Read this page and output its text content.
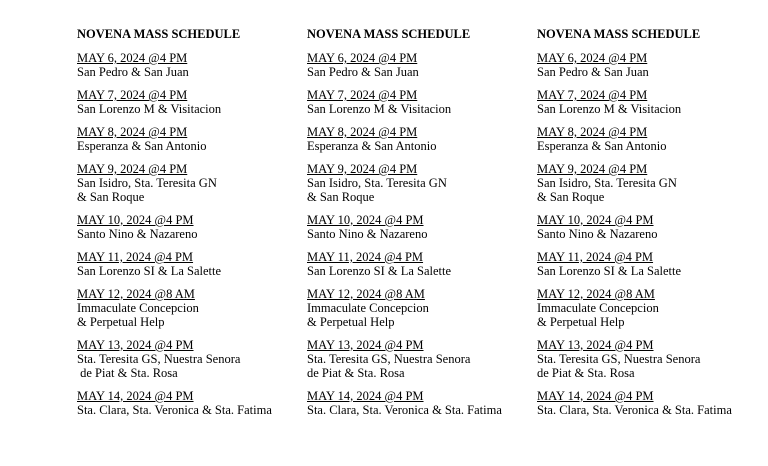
NOVENA MASS SCHEDULE
MAY 6, 2024 @4 PM
San Pedro & San Juan
MAY 7, 2024 @4 PM
San Lorenzo M & Visitacion
MAY 8, 2024 @4 PM
Esperanza & San Antonio
MAY 9, 2024 @4 PM
San Isidro, Sta. Teresita GN
& San Roque
MAY 10, 2024 @4 PM
Santo Nino & Nazareno
MAY 11, 2024 @4 PM
San Lorenzo SI & La Salette
MAY 12, 2024 @8 AM
Immaculate Concepcion
& Perpetual Help
MAY 13, 2024 @4 PM
Sta. Teresita GS, Nuestra Senora
de Piat & Sta. Rosa
MAY 14, 2024 @4 PM
Sta. Clara, Sta. Veronica & Sta. Fatima
NOVENA MASS SCHEDULE
MAY 6, 2024 @4 PM
San Pedro & San Juan
MAY 7, 2024 @4 PM
San Lorenzo M & Visitacion
MAY 8, 2024 @4 PM
Esperanza & San Antonio
MAY 9, 2024 @4 PM
San Isidro, Sta. Teresita GN
& San Roque
MAY 10, 2024 @4 PM
Santo Nino & Nazareno
MAY 11, 2024 @4 PM
San Lorenzo SI & La Salette
MAY 12, 2024 @8 AM
Immaculate Concepcion
& Perpetual Help
MAY 13, 2024 @4 PM
Sta. Teresita GS, Nuestra Senora
de Piat & Sta. Rosa
MAY 14, 2024 @4 PM
Sta. Clara, Sta. Veronica & Sta. Fatima
NOVENA MASS SCHEDULE
MAY 6, 2024 @4 PM
San Pedro & San Juan
MAY 7, 2024 @4 PM
San Lorenzo M & Visitacion
MAY 8, 2024 @4 PM
Esperanza & San Antonio
MAY 9, 2024 @4 PM
San Isidro, Sta. Teresita GN
& San Roque
MAY 10, 2024 @4 PM
Santo Nino & Nazareno
MAY 11, 2024 @4 PM
San Lorenzo SI & La Salette
MAY 12, 2024 @8 AM
Immaculate Concepcion
& Perpetual Help
MAY 13, 2024 @4 PM
Sta. Teresita GS, Nuestra Senora
de Piat & Sta. Rosa
MAY 14, 2024 @4 PM
Sta. Clara, Sta. Veronica & Sta. Fatima
